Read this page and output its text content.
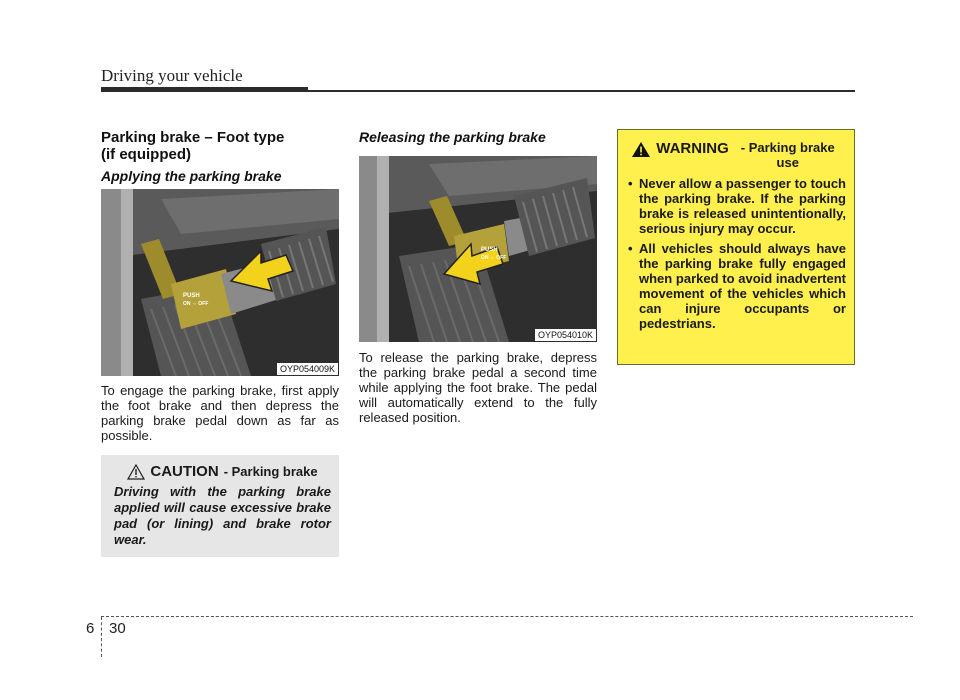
Driving your vehicle
Parking brake – Foot type
(if equipped)
Applying the parking brake
PUSH
ON ⇔ OFF
OYP054009K
To engage the parking brake, first apply the foot brake and then depress the parking brake pedal down as far as possible.
CAUTION - Parking brake
Driving with the parking brake applied will cause excessive brake pad (or lining) and brake rotor wear.
Releasing the parking brake
PUSH
ON ⇔ OFF
OYP054010K
To release the parking brake, depress the parking brake pedal a second time while applying the foot brake. The pedal will automatically extend to the fully released position.
WARNING - Parking brake use
• Never allow a passenger to touch the parking brake. If the parking brake is released unintentionally, serious injury may occur.
• All vehicles should always have the parking brake fully engaged when parked to avoid inadvertent movement of the vehicles which can injure occupants or pedestrians.
6 30
